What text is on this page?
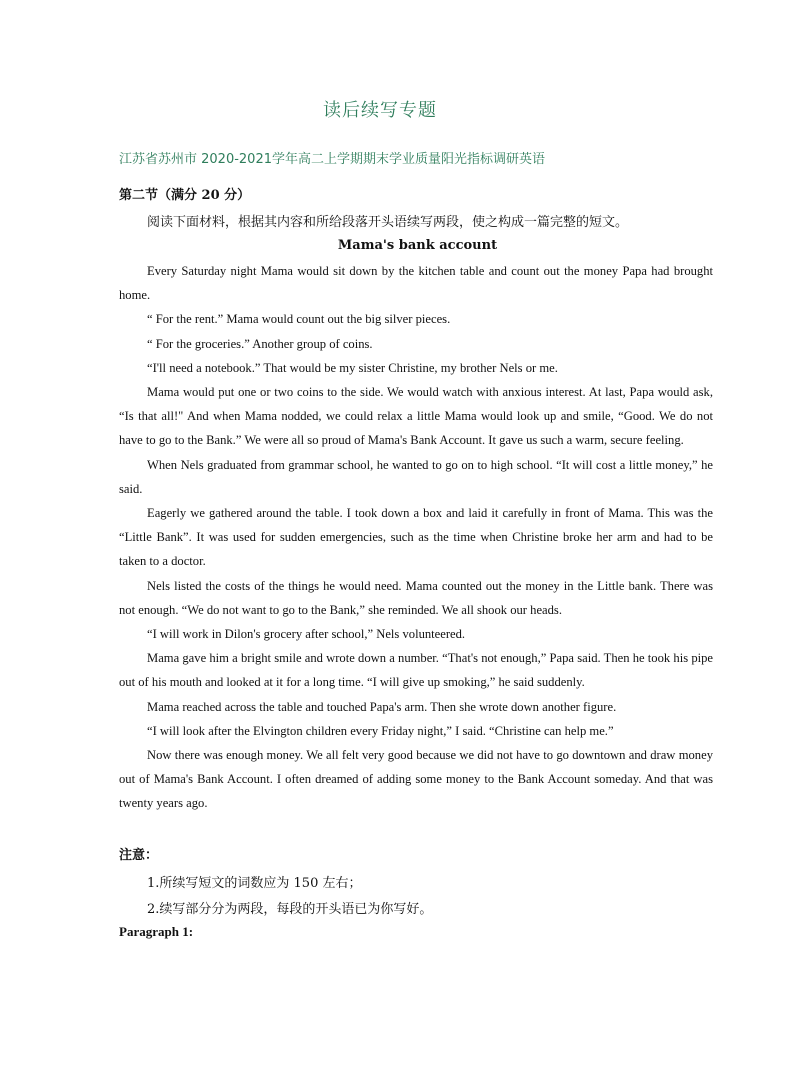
读后续写专题
江苏省苏州市 2020-2021学年高二上学期期末学业质量阳光指标调研英语
第二节（满分 20 分）
阅读下面材料，根据其内容和所给段落开头语续写两段，使之构成一篇完整的短文。
Mama's bank account

Every Saturday night Mama would sit down by the kitchen table and count out the money Papa had brought home.

“ For the rent.” Mama would count out the big silver pieces.

“ For the groceries.” Another group of coins.

“I'll need a notebook.” That would be my sister Christine, my brother Nels or me.

Mama would put one or two coins to the side. We would watch with anxious interest. At last, Papa would ask, “Is that all!" And when Mama nodded, we could relax a little Mama would look up and smile, “Good. We do not have to go to the Bank.” We were all so proud of Mama's Bank Account. It gave us such a warm, secure feeling.

When Nels graduated from grammar school, he wanted to go on to high school. “It will cost a little money,” he said.

Eagerly we gathered around the table. I took down a box and laid it carefully in front of Mama. This was the “Little Bank”. It was used for sudden emergencies, such as the time when Christine broke her arm and had to be taken to a doctor.

Nels listed the costs of the things he would need. Mama counted out the money in the Little bank. There was not enough. “We do not want to go to the Bank,” she reminded. We all shook our heads.

“I will work in Dilon's grocery after school,” Nels volunteered.

Mama gave him a bright smile and wrote down a number. “That's not enough,” Papa said. Then he took his pipe out of his mouth and looked at it for a long time. “I will give up smoking,” he said suddenly.

Mama reached across the table and touched Papa's arm. Then she wrote down another figure.

“I will look after the Elvington children every Friday night,” I said. “Christine can help me.”

Now there was enough money. We all felt very good because we did not have to go downtown and draw money out of Mama's Bank Account. I often dreamed of adding some money to the Bank Account someday. And that was twenty years ago.

注意：
1.所续写短文的词数应为 150 左右；
2.续写部分分为两段，每段的开头语已为你写好。
Paragraph 1:
